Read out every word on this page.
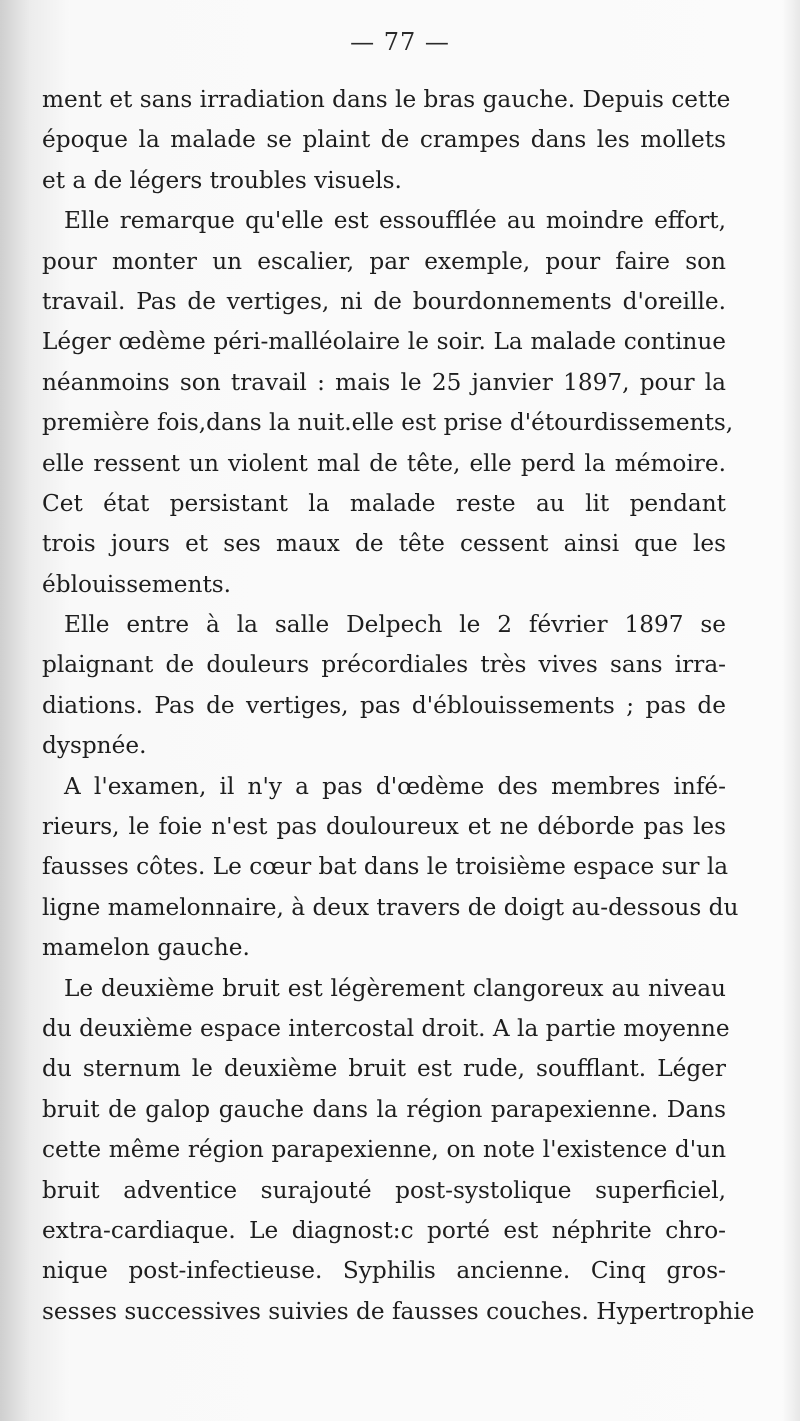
— 77 —
ment et sans irradiation dans le bras gauche. Depuis cette
époque la malade se plaint de crampes dans les mollets
et a de légers troubles visuels.
Elle remarque qu'elle est essoufflée au moindre effort,
pour monter un escalier, par exemple, pour faire son
travail. Pas de vertiges, ni de bourdonnements d'oreille.
Léger œdème péri-malléolaire le soir. La malade continue
néanmoins son travail : mais le 25 janvier 1897, pour la
première fois,dans la nuit.elle est prise d'étourdissements,
elle ressent un violent mal de tête, elle perd la mémoire.
Cet état persistant la malade reste au lit pendant
trois jours et ses maux de tête cessent ainsi que les
éblouissements.
Elle entre à la salle Delpech le 2 février 1897 se
plaignant de douleurs précordiales très vives sans irra-
diations. Pas de vertiges, pas d'éblouissements ; pas de
dyspnée.
A l'examen, il n'y a pas d'œdème des membres infé-
rieurs, le foie n'est pas douloureux et ne déborde pas les
fausses côtes. Le cœur bat dans le troisième espace sur la
ligne mamelonnaire, à deux travers de doigt au-dessous du
mamelon gauche.
Le deuxième bruit est légèrement clangoreux au niveau
du deuxième espace intercostal droit. A la partie moyenne
du sternum le deuxième bruit est rude, soufflant. Léger
bruit de galop gauche dans la région parapexienne. Dans
cette même région parapexienne, on note l'existence d'un
bruit adventice surajouté post-systolique superficiel,
extra-cardiaque. Le diagnost:c porté est néphrite chro-
nique post-infectieuse. Syphilis ancienne. Cinq gros-
sesses successives suivies de fausses couches. Hypertrophie
